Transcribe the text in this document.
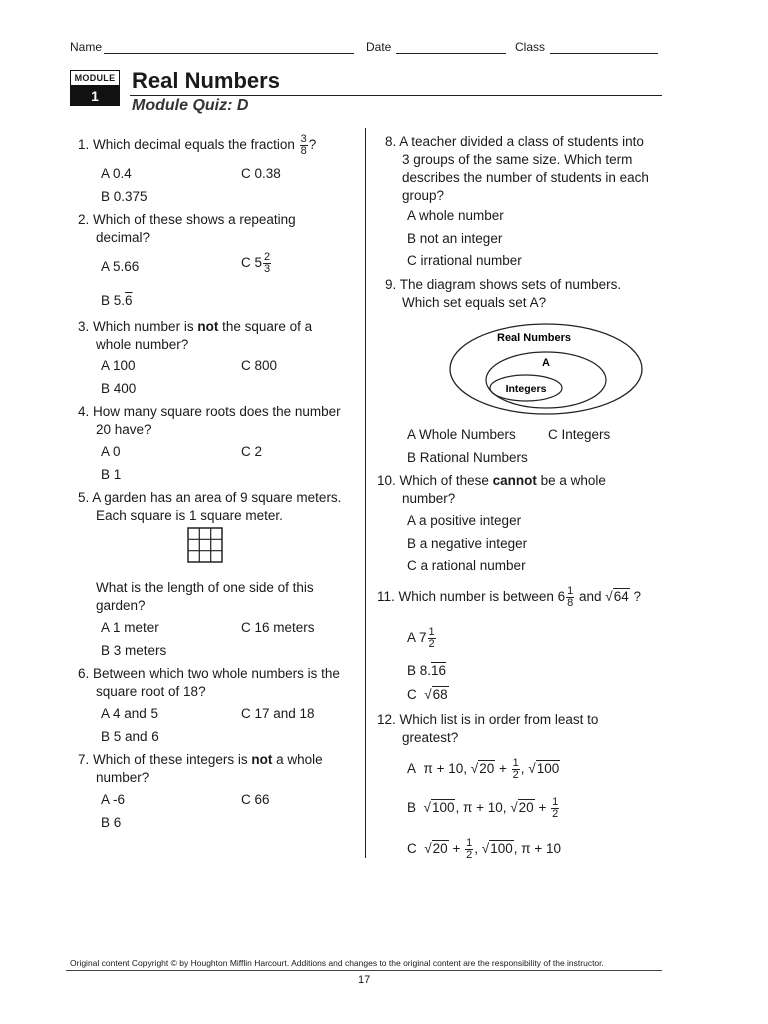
Name	Date	Class
MODULE
1
Real Numbers
Module Quiz: D
1. Which decimal equals the fraction $\frac{3}{8}$ ?
A 0.4
B 0.375
C 0.38
2. Which of these shows a repeating
decimal?
A 5.66	C $5 \frac{2}{3}$
B 5.6
3. Which number is not the square of a
whole number?
A 100
B 400
C 800
4. How many square roots does the number
20 have?
A 0
B 1
C 2
5. A garden has an area of 9 square meters.
Each square is 1 square meter.
What is the length of one side of this
garden?
A 1 meter
B 3 meters
C 16 meters
6. Between which two whole numbers is the
square root of 18?
A 4 and 5
B 5 and 6
C 17 and 18
7. Which of these integers is not a whole
number?
A -6
B 6
C 66
8. A teacher divided a class of students into
3 groups of the same size. Which term
describes the number of students in each
group?
A whole number
B not an integer
C irrational number
9. The diagram shows sets of numbers.
Which set equals set A?
Real Numbers
A
Integers
A Whole Numbers C Integers
B Rational Numbers
10. Which of these cannot be a whole
number?
A a positive integer
B a negative integer
C a rational number
11. Which number is between $6 \frac{1}{8}$ and √64 ?
A $7 \frac{1}{2}$
B 8.16
C  √68
12. Which list is in order from least to
greatest?
A π + 10, $√20 + \frac{1}{2}$ , √100
B  √100, π + 10, $√20 + \frac{1}{2}$
C  $√20 + \frac{1}{2}$ , √100, π + 10
Original content Copyright © by Houghton Mifflin Harcourt. Additions and changes to the original content are the responsibility of the instructor.
17
